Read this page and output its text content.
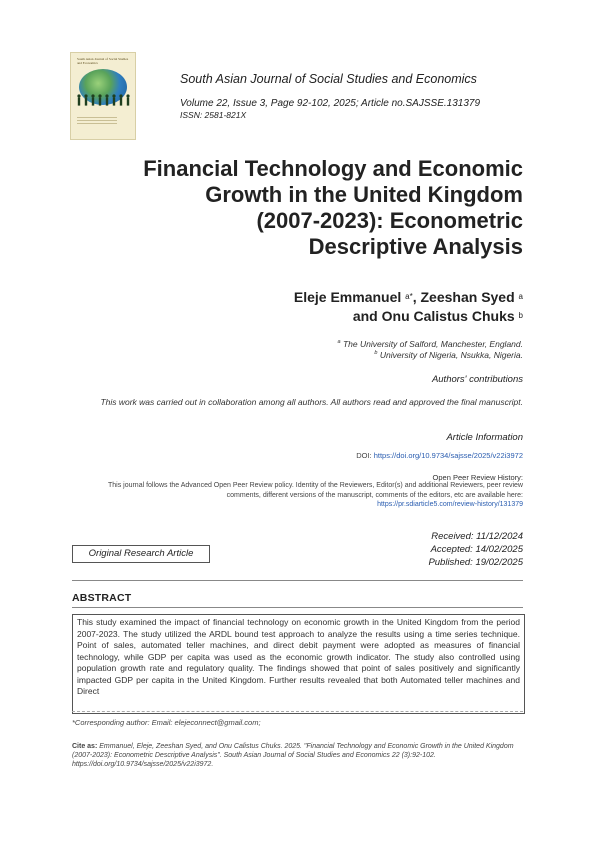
South Asian Journal of Social Studies and Economics
South Asian Journal of Social Studies and Economics
Volume 22, Issue 3, Page 92-102, 2025; Article no.SAJSSE.131379
ISSN: 2581-821X
Financial Technology and Economic
Growth in the United Kingdom
(2007-2023): Econometric
Descriptive Analysis
Eleje Emmanuel $^{a*}$, Zeeshan Syed $^a$
and Onu Calistus Chuks $^b$
$^a$ The University of Salford, Manchester, England.
$^b$ University of Nigeria, Nsukka, Nigeria.
Authors' contributions
This work was carried out in collaboration among all authors. All authors read and approved the final manuscript.
Article Information
DOI: https://doi.org/10.9734/sajsse/2025/v22i3972
Open Peer Review History:
This journal follows the Advanced Open Peer Review policy. Identity of the Reviewers, Editor(s) and additional Reviewers, peer review comments, different versions of the manuscript, comments of the editors, etc are available here:
https://pr.sdiarticle5.com/review-history/131379
Received: 11/12/2024
Accepted: 14/02/2025
Published: 19/02/2025
Original Research Article
ABSTRACT
This study examined the impact of financial technology on economic growth in the United Kingdom from the period 2007-2023. The study utilized the ARDL bound test approach to analyze the results using a time series technique. Point of sales, automated teller machines, and direct debit payment were adopted as measures of financial technology, while GDP per capita was used as the economic growth indicator. The study also controlled using population growth rate and regulatory quality. The findings showed that point of sales positively and significantly impacted GDP per capita in the United Kingdom. Further results revealed that both Automated teller machines and Direct
*Corresponding author: Email: elejeconnect@gmail.com;
Cite as: Emmanuel, Eleje, Zeeshan Syed, and Onu Calistus Chuks. 2025. "Financial Technology and Economic Growth in the United Kingdom (2007-2023): Econometric Descriptive Analysis". South Asian Journal of Social Studies and Economics 22 (3):92-102. https://doi.org/10.9734/sajsse/2025/v22i3972.
